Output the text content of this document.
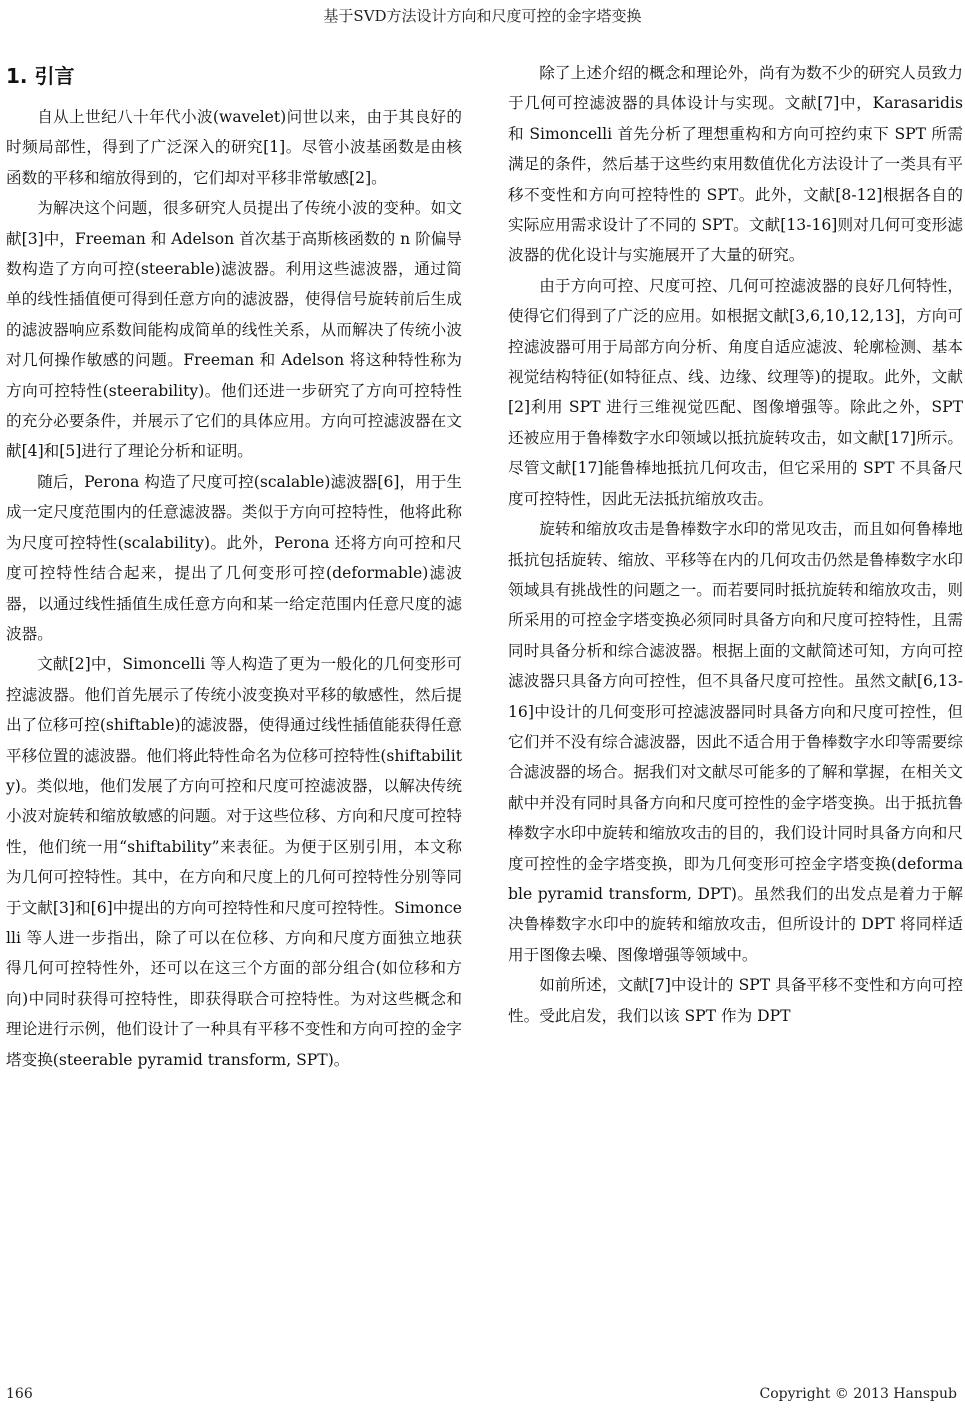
基于SVD方法设计方向和尺度可控的金字塔变换
1. 引言

自从上世纪八十年代小波(wavelet)问世以来，由于其良好的时频局部性，得到了广泛深入的研究[1]。尽管小波基函数是由核函数的平移和缩放得到的，它们却对平移非常敏感[2]。

为解决这个问题，很多研究人员提出了传统小波的变种。如文献[3]中，Freeman 和 Adelson 首次基于高斯核函数的 n 阶偏导数构造了方向可控(steerable)滤波器。利用这些滤波器，通过简单的线性插值便可得到任意方向的滤波器，使得信号旋转前后生成的滤波器响应系数间能构成简单的线性关系，从而解决了传统小波对几何操作敏感的问题。Freeman 和 Adelson 将这种特性称为方向可控特性(steerability)。他们还进一步研究了方向可控特性的充分必要条件，并展示了它们的具体应用。方向可控滤波器在文献[4]和[5]进行了理论分析和证明。

随后，Perona 构造了尺度可控(scalable)滤波器[6]，用于生成一定尺度范围内的任意滤波器。类似于方向可控特性，他将此称为尺度可控特性(scalability)。此外，Perona 还将方向可控和尺度可控特性结合起来，提出了几何变形可控(deformable)滤波器，以通过线性插值生成任意方向和某一给定范围内任意尺度的滤波器。

文献[2]中，Simoncelli 等人构造了更为一般化的几何变形可控滤波器。他们首先展示了传统小波变换对平移的敏感性，然后提出了位移可控(shiftable)的滤波器，使得通过线性插值能获得任意平移位置的滤波器。他们将此特性命名为位移可控特性(shiftability)。类似地，他们发展了方向可控和尺度可控滤波器，以解决传统小波对旋转和缩放敏感的问题。对于这些位移、方向和尺度可控特性，他们统一用“shiftability”来表征。为便于区别引用，本文称为几何可控特性。其中，在方向和尺度上的几何可控特性分别等同于文献[3]和[6]中提出的方向可控特性和尺度可控特性。Simoncelli 等人进一步指出，除了可以在位移、方向和尺度方面独立地获得几何可控特性外，还可以在这三个方面的部分组合(如位移和方向)中同时获得可控特性，即获得联合可控特性。为对这些概念和理论进行示例，他们设计了一种具有平移不变性和方向可控的金字塔变换(steerable pyramid transform, SPT)。

除了上述介绍的概念和理论外，尚有为数不少的研究人员致力于几何可控滤波器的具体设计与实现。文献[7]中，Karasaridis 和 Simoncelli 首先分析了理想重构和方向可控约束下 SPT 所需满足的条件，然后基于这些约束用数值优化方法设计了一类具有平移不变性和方向可控特性的 SPT。此外，文献[8-12]根据各自的实际应用需求设计了不同的 SPT。文献[13-16]则对几何可变形滤波器的优化设计与实施展开了大量的研究。

由于方向可控、尺度可控、几何可控滤波器的良好几何特性，使得它们得到了广泛的应用。如根据文献[3,6,10,12,13]，方向可控滤波器可用于局部方向分析、角度自适应滤波、轮廓检测、基本视觉结构特征(如特征点、线、边缘、纹理等)的提取。此外，文献[2]利用 SPT 进行三维视觉匹配、图像增强等。除此之外，SPT 还被应用于鲁棒数字水印领域以抵抗旋转攻击，如文献[17]所示。尽管文献[17]能鲁棒地抵抗几何攻击，但它采用的 SPT 不具备尺度可控特性，因此无法抵抗缩放攻击。

旋转和缩放攻击是鲁棒数字水印的常见攻击，而且如何鲁棒地抵抗包括旋转、缩放、平移等在内的几何攻击仍然是鲁棒数字水印领域具有挑战性的问题之一。而若要同时抵抗旋转和缩放攻击，则所采用的可控金字塔变换必须同时具备方向和尺度可控特性，且需同时具备分析和综合滤波器。根据上面的文献简述可知，方向可控滤波器只具备方向可控性，但不具备尺度可控性。虽然文献[6,13-16]中设计的几何变形可控滤波器同时具备方向和尺度可控性，但它们并不没有综合滤波器，因此不适合用于鲁棒数字水印等需要综合滤波器的场合。据我们对文献尽可能多的了解和掌握，在相关文献中并没有同时具备方向和尺度可控性的金字塔变换。出于抵抗鲁棒数字水印中旋转和缩放攻击的目的，我们设计同时具备方向和尺度可控性的金字塔变换，即为几何变形可控金字塔变换(deformable pyramid transform, DPT)。虽然我们的出发点是着力于解决鲁棒数字水印中的旋转和缩放攻击，但所设计的 DPT 将同样适用于图像去噪、图像增强等领域中。

如前所述，文献[7]中设计的 SPT 具备平移不变性和方向可控性。受此启发，我们以该 SPT 作为 DPT

166	Copyright © 2013 Hanspub
